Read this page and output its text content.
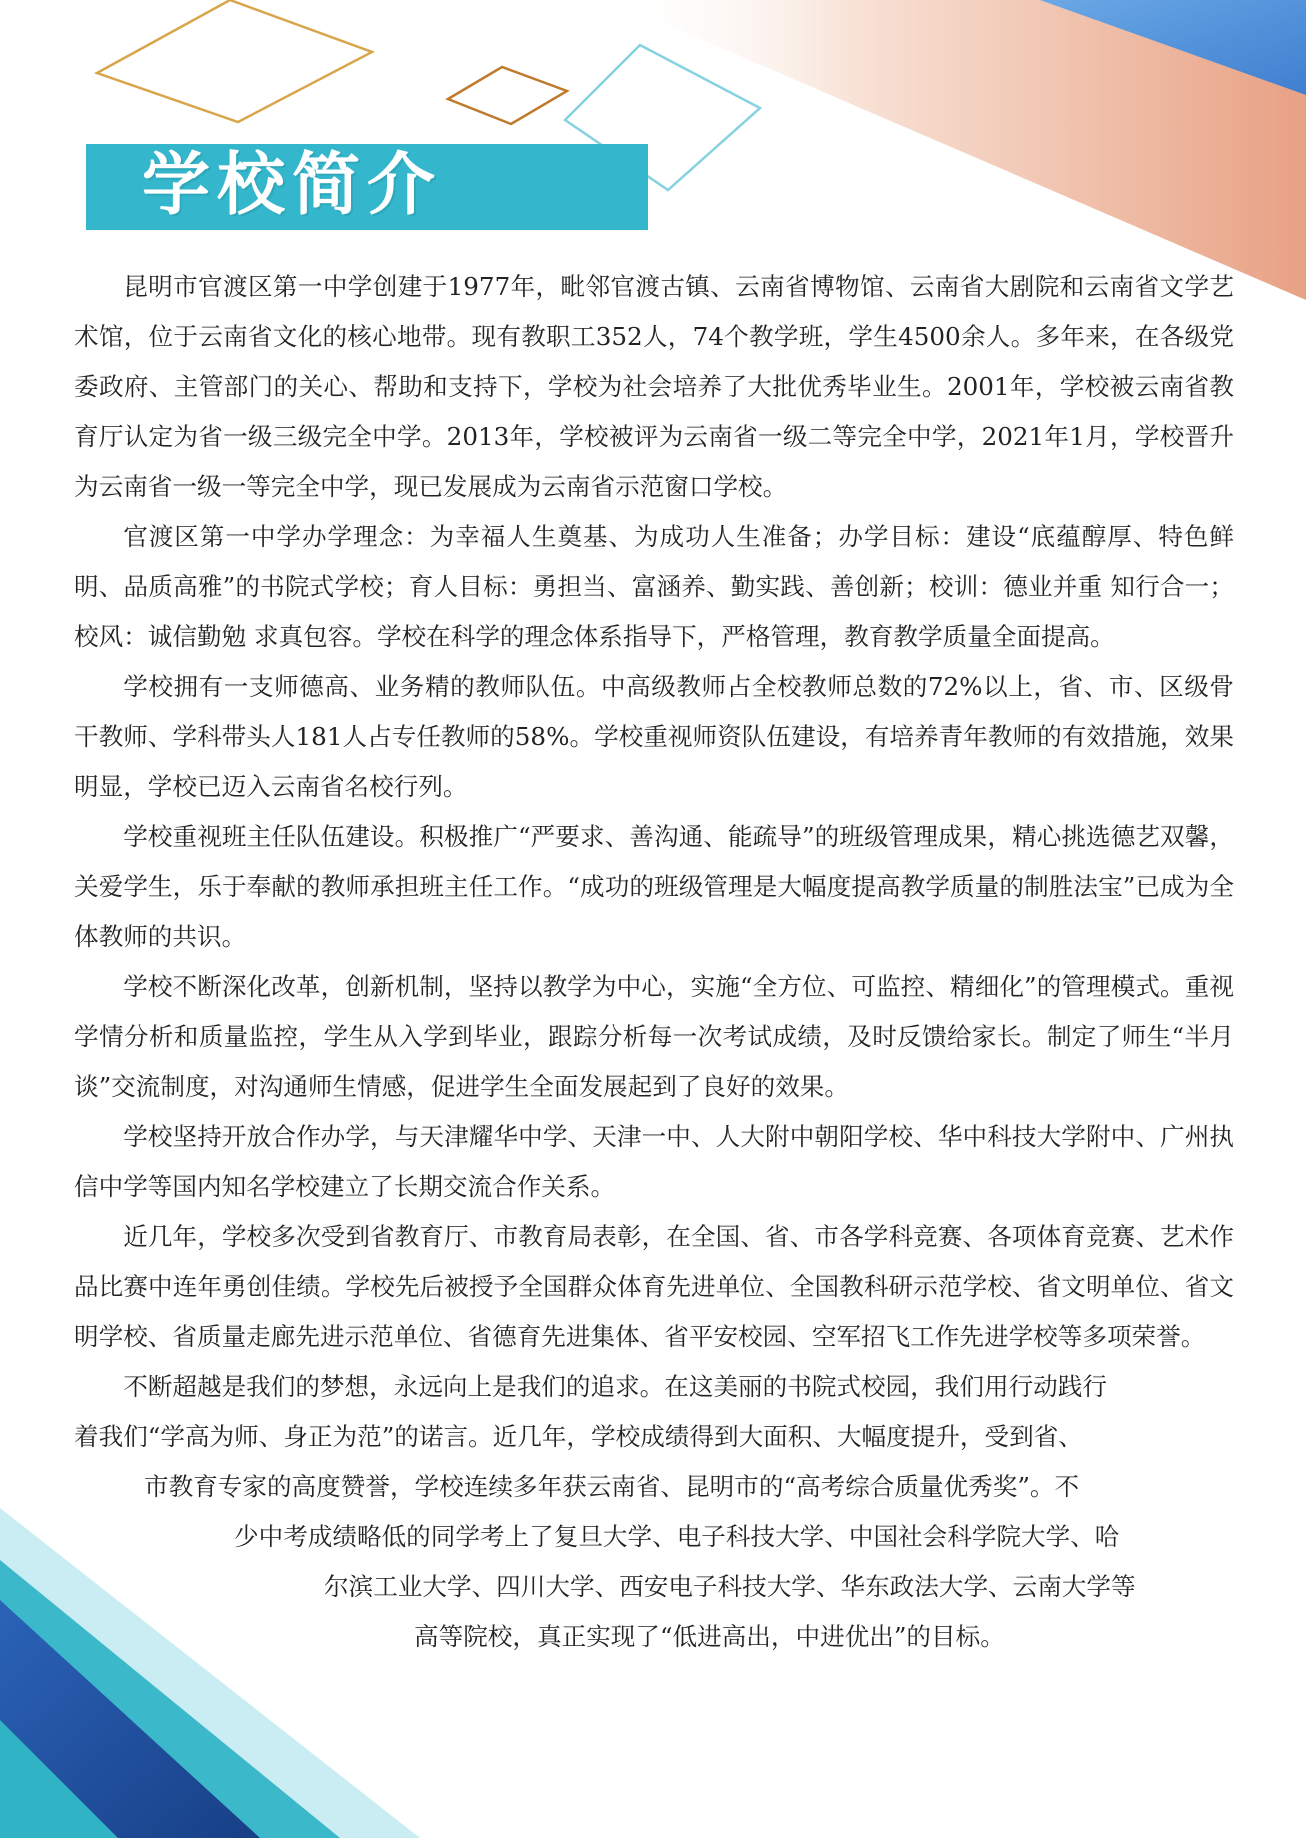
学校简介

昆明市官渡区第一中学创建于1977年，毗邻官渡古镇、云南省博物馆、云南省大剧院和云南省文学艺术馆，位于云南省文化的核心地带。现有教职工352人，74个教学班，学生4500余人。多年来，在各级党委政府、主管部门的关心、帮助和支持下，学校为社会培养了大批优秀毕业生。2001年，学校被云南省教育厅认定为省一级三级完全中学。2013年，学校被评为云南省一级二等完全中学，2021年1月，学校晋升为云南省一级一等完全中学，现已发展成为云南省示范窗口学校。

官渡区第一中学办学理念：为幸福人生奠基、为成功人生准备；办学目标：建设“底蕴醇厚、特色鲜明、品质高雅”的书院式学校；育人目标：勇担当、富涵养、勤实践、善创新；校训：德业并重 知行合一；校风：诚信勤勉 求真包容。学校在科学的理念体系指导下，严格管理，教育教学质量全面提高。

学校拥有一支师德高、业务精的教师队伍。中高级教师占全校教师总数的72%以上，省、市、区级骨干教师、学科带头人181人占专任教师的58%。学校重视师资队伍建设，有培养青年教师的有效措施，效果明显，学校已迈入云南省名校行列。

学校重视班主任队伍建设。积极推广“严要求、善沟通、能疏导”的班级管理成果，精心挑选德艺双馨，关爱学生，乐于奉献的教师承担班主任工作。“成功的班级管理是大幅度提高教学质量的制胜法宝”已成为全体教师的共识。

学校不断深化改革，创新机制，坚持以教学为中心，实施“全方位、可监控、精细化”的管理模式。重视学情分析和质量监控，学生从入学到毕业，跟踪分析每一次考试成绩，及时反馈给家长。制定了师生“半月谈”交流制度，对沟通师生情感，促进学生全面发展起到了良好的效果。

学校坚持开放合作办学，与天津耀华中学、天津一中、人大附中朝阳学校、华中科技大学附中、广州执信中学等国内知名学校建立了长期交流合作关系。

近几年，学校多次受到省教育厅、市教育局表彰，在全国、省、市各学科竞赛、各项体育竞赛、艺术作品比赛中连年勇创佳绩。学校先后被授予全国群众体育先进单位、全国教科研示范学校、省文明单位、省文明学校、省质量走廊先进示范单位、省德育先进集体、省平安校园、空军招飞工作先进学校等多项荣誉。

不断超越是我们的梦想，永远向上是我们的追求。在这美丽的书院式校园，我们用行动践行
着我们“学高为师、身正为范”的诺言。近几年，学校成绩得到大面积、大幅度提升，受到省、
市教育专家的高度赞誉，学校连续多年获云南省、昆明市的“高考综合质量优秀奖”。不
少中考成绩略低的同学考上了复旦大学、电子科技大学、中国社会科学院大学、哈
尔滨工业大学、四川大学、西安电子科技大学、华东政法大学、云南大学等
高等院校，真正实现了“低进高出，中进优出”的目标。
